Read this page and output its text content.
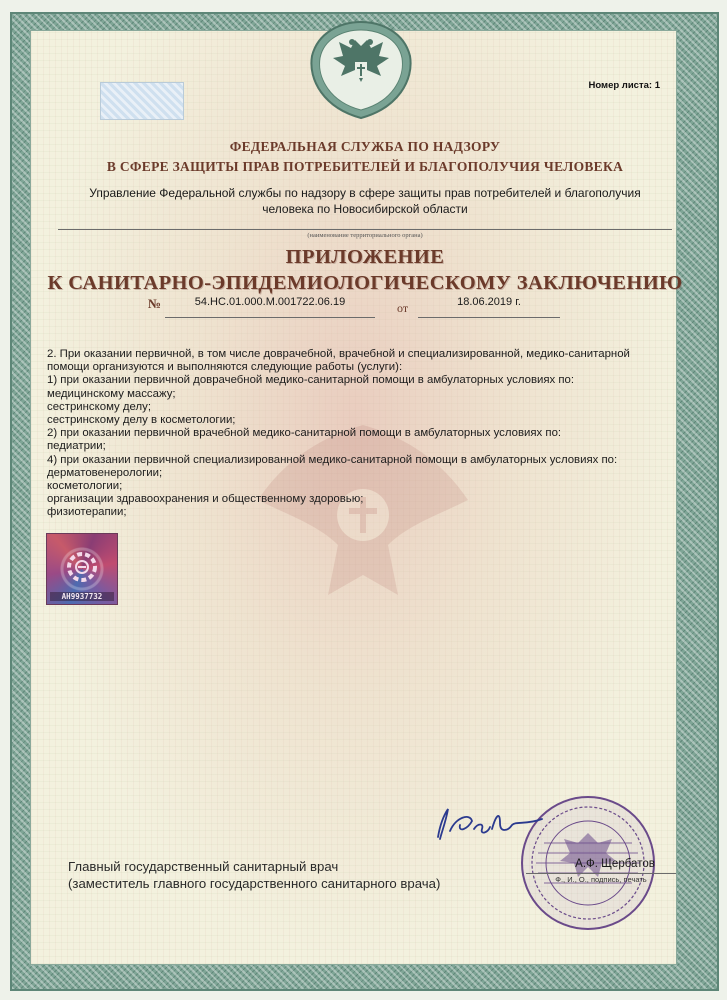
Номер листа: 1
ФЕДЕРАЛЬНАЯ СЛУЖБА ПО НАДЗОРУ
В СФЕРЕ ЗАЩИТЫ ПРАВ ПОТРЕБИТЕЛЕЙ И БЛАГОПОЛУЧИЯ ЧЕЛОВЕКА
Управление Федеральной службы по надзору в сфере защиты прав потребителей и благополучия
человека по Новосибирской области
(наименование территориального органа)
ПРИЛОЖЕНИЕ
К САНИТАРНО-ЭПИДЕМИОЛОГИЧЕСКОМУ ЗАКЛЮЧЕНИЮ
№	54.НС.01.000.М.001722.06.19	от	18.06.2019 г.
2. При оказании первичной, в том числе доврачебной, врачебной и специализированной, медико-санитарной
помощи организуются и выполняются следующие работы (услуги):
1) при оказании первичной доврачебной медико-санитарной помощи в амбулаторных условиях по:
медицинскому массажу;
сестринскому делу;
сестринскому делу в косметологии;
2) при оказании первичной врачебной медико-санитарной помощи в амбулаторных условиях по:
педиатрии;
4) при оказании первичной специализированной медико-санитарной помощи в амбулаторных условиях по:
дерматовенерологии;
косметологии;
организации здравоохранения и общественному здоровью;
физиотерапии;
АН9937732
Главный государственный санитарный врач
(заместитель главного государственного санитарного врача)
А.Ф. Щербатов
Ф., И., О., подпись, печать
